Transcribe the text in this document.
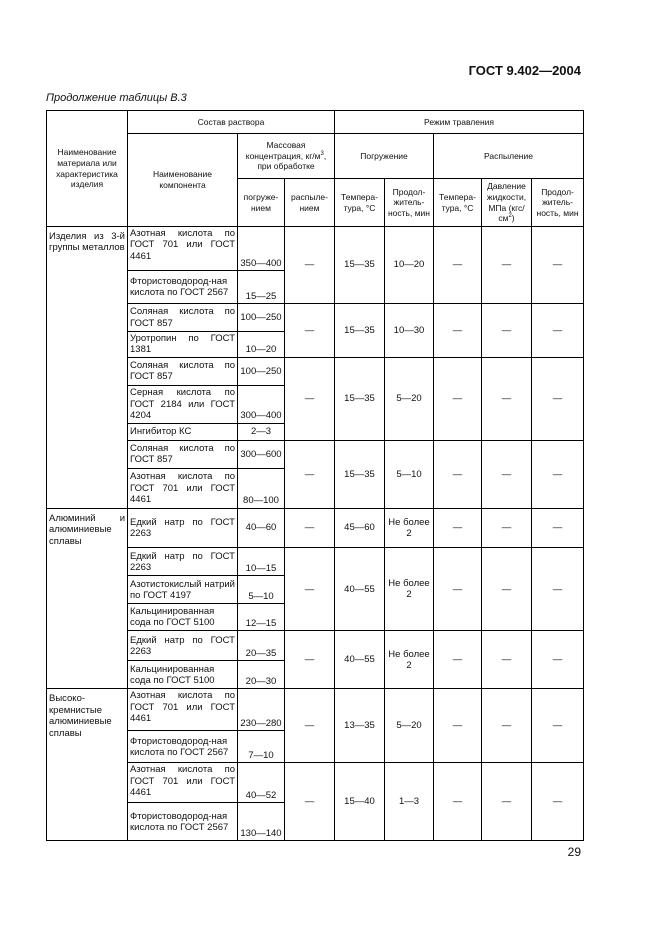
ГОСТ 9.402—2004
Продолжение таблицы В.3
Наименование материала или характеристика изделия	Состав раствора			Режим травления				
	Наименование компонента	Массовая концентрация, $кг/м^3$, при обработке		Погружение		Распыление		
		погруже-нием	распыле-нием	Темпера-тура, °С	Продол-житель-ность, мин	Темпера-тура, °С	Давление жидкости, МПа $(кгс/см^2)$	Продол-житель-ность, мин
Изделия из 3-й группы металлов	Азотная кислота по ГОСТ 701 или ГОСТ 4461	350—400	—	15—35	10—20	—	—	—
	Фтористоводород-ная кислота по ГОСТ 2567	15—25						
	Соляная кислота по ГОСТ 857	100—250	—	15—35	10—30	—	—	—
	Уротропин по ГОСТ 1381	10—20						
	Соляная кислота по ГОСТ 857	100—250	—	15—35	5—20	—	—	—
	Серная кислота по ГОСТ 2184 или ГОСТ 4204	300—400						
	Ингибитор КС	2—3						
	Соляная кислота по ГОСТ 857	300—600	—	15—35	5—10	—	—	—
	Азотная кислота по ГОСТ 701 или ГОСТ 4461	80—100						
Алюминий и алюминиевые сплавы	Едкий натр по ГОСТ 2263	40—60	—	45—60	Не более 2	—	—	—
	Едкий натр по ГОСТ 2263	10—15	—	40—55	Не более 2	—	—	—
	Азотистокислый натрий по ГОСТ 4197	5—10						
	Кальцинированная сода по ГОСТ 5100	12—15						
	Едкий натр по ГОСТ 2263	20—35	—	40—55	Не более 2	—	—	—
	Кальцинированная сода по ГОСТ 5100	20—30						
Высоко-кремнистые алюминиевые сплавы	Азотная кислота по ГОСТ 701 или ГОСТ 4461	230—280	—	13—35	5—20	—	—	—
	Фтористоводород-ная кислота по ГОСТ 2567	7—10						
	Азотная кислота по ГОСТ 701 или ГОСТ 4461	40—52	—	15—40	1—3	—	—	—
	Фтористоводород-ная кислота по ГОСТ 2567	130—140						
29
